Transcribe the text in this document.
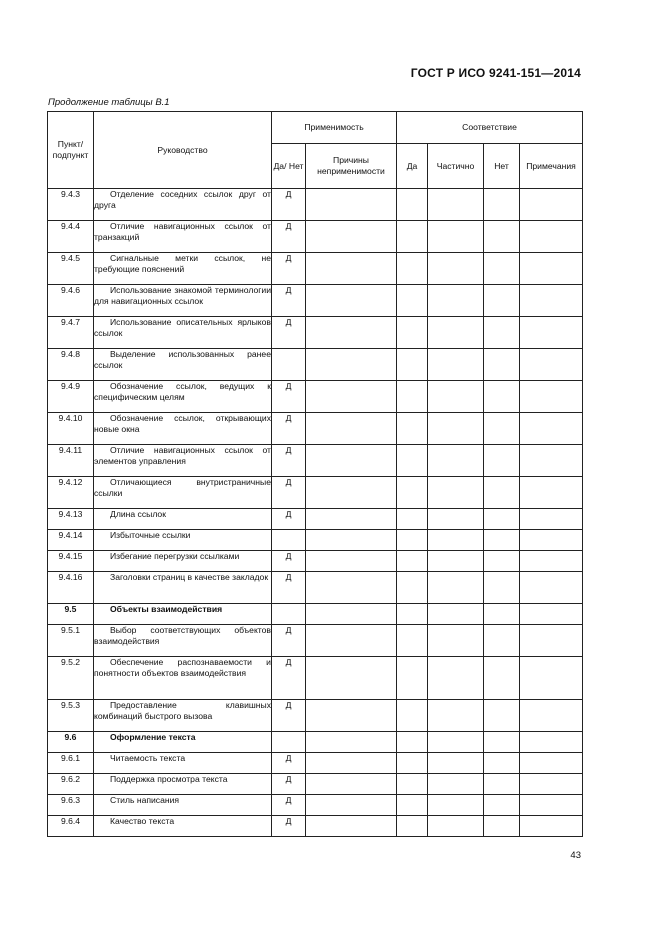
ГОСТ Р ИСО 9241-151—2014
Продолжение таблицы В.1
Пункт/ подпункт	Руководство	Применимость		Соответствие			
		Да/ Нет	Причины неприменимости	Да	Частично	Нет	Примечания
9.4.3	Отделение соседних ссылок друг от друга	Д					
9.4.4	Отличие навигационных ссылок от транзакций	Д					
9.4.5	Сигнальные метки ссылок, не требующие пояснений	Д					
9.4.6	Использование знакомой терминологии для навигационных ссылок	Д					
9.4.7	Использование описательных ярлыков ссылок	Д					
9.4.8	Выделение использованных ранее ссылок						

9.4.9	Обозначение ссылок, ведущих к специфическим целям	Д					
9.4.10	Обозначение ссылок, открывающих новые окна	Д					
9.4.11	Отличие навигационных ссылок от элементов управления	Д					
9.4.12	Отличающиеся внутристраничные ссылки	Д					
9.4.13	Длина ссылок	Д					
9.4.14	Избыточные ссылки						

9.4.15	Избегание перегрузки ссылками	Д					
9.4.16	Заголовки страниц в качестве закладок	Д					
9.5	Объекты взаимодействия						

9.5.1	Выбор соответствующих объектов взаимодействия	Д					
9.5.2	Обеспечение распознаваемости и понятности объектов взаимодействия	Д					
9.5.3	Предоставление клавишных комбинаций быстрого вызова	Д					
9.6	Оформление текста						

9.6.1	Читаемость текста	Д					
9.6.2	Поддержка просмотра текста	Д					
9.6.3	Стиль написания	Д					
9.6.4	Качество текста	Д					
43
